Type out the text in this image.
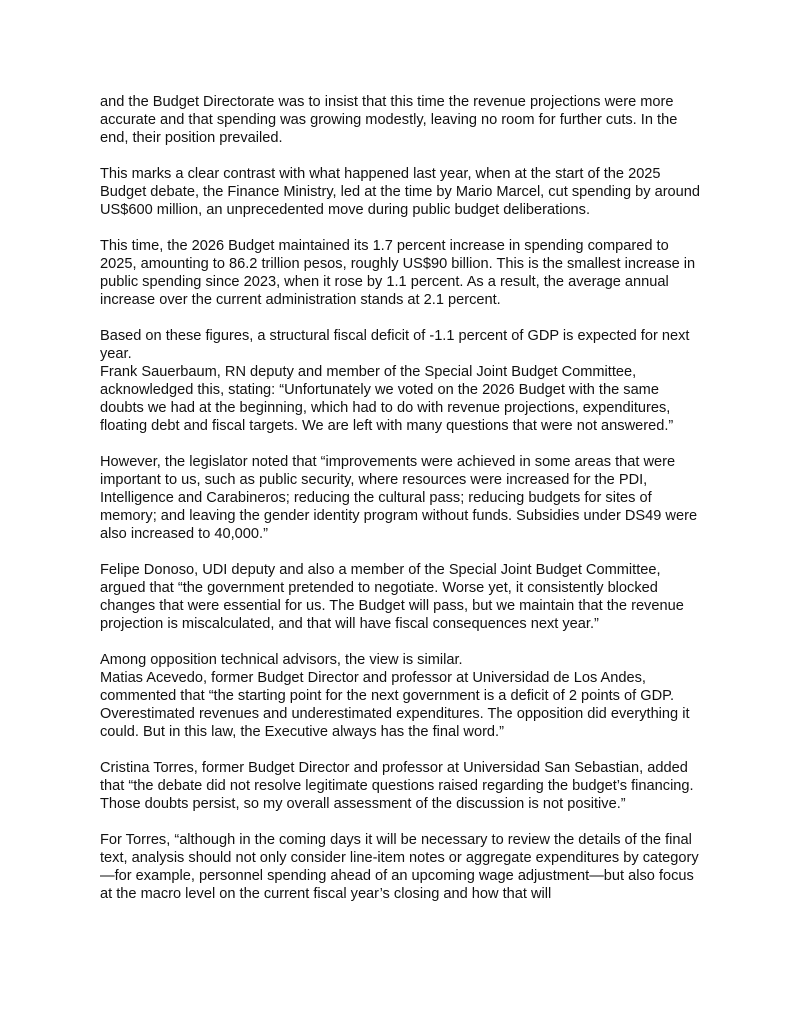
and the Budget Directorate was to insist that this time the revenue projections were more accurate and that spending was growing modestly, leaving no room for further cuts. In the end, their position prevailed.

This marks a clear contrast with what happened last year, when at the start of the 2025 Budget debate, the Finance Ministry, led at the time by Mario Marcel, cut spending by around US$600 million, an unprecedented move during public budget deliberations.

This time, the 2026 Budget maintained its 1.7 percent increase in spending compared to 2025, amounting to 86.2 trillion pesos, roughly US$90 billion. This is the smallest increase in public spending since 2023, when it rose by 1.1 percent. As a result, the average annual increase over the current administration stands at 2.1 percent.

Based on these figures, a structural fiscal deficit of -1.1 percent of GDP is expected for next year.

Frank Sauerbaum, RN deputy and member of the Special Joint Budget Committee, acknowledged this, stating: “Unfortunately we voted on the 2026 Budget with the same doubts we had at the beginning, which had to do with revenue projections, expenditures, floating debt and fiscal targets. We are left with many questions that were not answered.”

However, the legislator noted that “improvements were achieved in some areas that were important to us, such as public security, where resources were increased for the PDI, Intelligence and Carabineros; reducing the cultural pass; reducing budgets for sites of memory; and leaving the gender identity program without funds. Subsidies under DS49 were also increased to 40,000.”

Felipe Donoso, UDI deputy and also a member of the Special Joint Budget Committee, argued that “the government pretended to negotiate. Worse yet, it consistently blocked changes that were essential for us. The Budget will pass, but we maintain that the revenue projection is miscalculated, and that will have fiscal consequences next year.”

Among opposition technical advisors, the view is similar.

Matias Acevedo, former Budget Director and professor at Universidad de Los Andes, commented that “the starting point for the next government is a deficit of 2 points of GDP. Overestimated revenues and underestimated expenditures. The opposition did everything it could. But in this law, the Executive always has the final word.”

Cristina Torres, former Budget Director and professor at Universidad San Sebastian, added that “the debate did not resolve legitimate questions raised regarding the budget’s financing. Those doubts persist, so my overall assessment of the discussion is not positive.”

For Torres, “although in the coming days it will be necessary to review the details of the final text, analysis should not only consider line-item notes or aggregate expenditures by category—for example, personnel spending ahead of an upcoming wage adjustment—but also focus at the macro level on the current fiscal year’s closing and how that will
